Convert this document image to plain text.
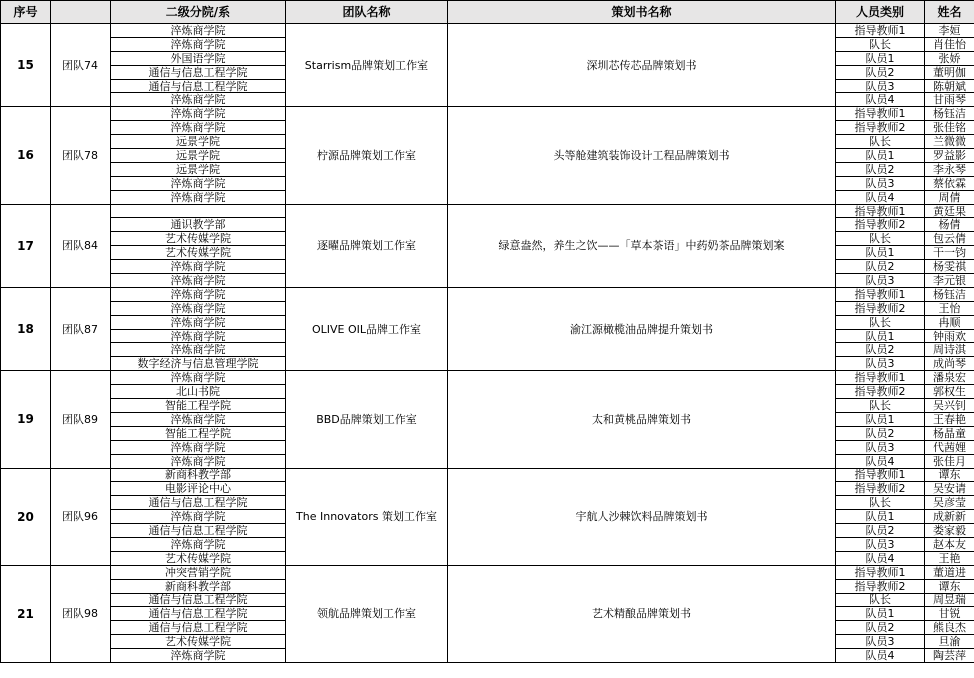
序号		二级分院/系	团队名称	策划书名称	人员类别	姓名
15	团队74	淬炼商学院	Starrism品牌策划工作室	深圳芯传芯品牌策划书	指导教师1	李姮
		淬炼商学院			队长	肖佳怡
		外国语学院			队员1	张娇
		通信与信息工程学院			队员2	董明伽
		通信与信息工程学院			队员3	陈朝斌
		淬炼商学院			队员4	甘雨琴
16	团队78	淬炼商学院	柠源品牌策划工作室	头等舱建筑装饰设计工程品牌策划书	指导教师1	杨钰洁
		淬炼商学院			指导教师2	张佳铭
		远景学院			队长	兰微微
		远景学院			队员1	罗益影
		远景学院			队员2	李永琴
		淬炼商学院			队员3	蔡依霖
		淬炼商学院			队员4	周倩
17	团队84		逐曜品牌策划工作室	绿意盎然，养生之饮——「草本茶语」中药奶茶品牌策划案	指导教师1	黄廷果
		通识教学部			指导教师2	杨倩
		艺术传媒学院			队长	包云倩
		艺术传媒学院			队员1	干一钧
		淬炼商学院			队员2	杨雯祺
		淬炼商学院			队员3	李元银
18	团队87	淬炼商学院	OLIVE OIL品牌工作室	渝江源橄榄油品牌提升策划书	指导教师1	杨钰洁
		淬炼商学院			指导教师2	王怡
		淬炼商学院			队长	冉顺
		淬炼商学院			队员1	钟雨欢
		淬炼商学院			队员2	周诗淇
		数字经济与信息管理学院			队员3	成尚琴
19	团队89	淬炼商学院	BBD品牌策划工作室	太和黄桃品牌策划书	指导教师1	潘泉宏
		北山书院			指导教师2	郭权生
		智能工程学院			队长	吴兴钊
		淬炼商学院			队员1	王春艳
		智能工程学院			队员2	杨晶童
		淬炼商学院			队员3	代茜娌
		淬炼商学院			队员4	张佳月
20	团队96	新商科教学部	The Innovators 策划工作室	宇航人沙棘饮料品牌策划书	指导教师1	谭东
		电影评论中心			指导教师2	吴安请
		通信与信息工程学院			队长	吴彦莹
		淬炼商学院			队员1	成新新
		通信与信息工程学院			队员2	娄家毅
		淬炼商学院			队员3	赵本友
		艺术传媒学院			队员4	王艳
21	团队98	冲突营销学院	领航品牌策划工作室	艺术精酿品牌策划书	指导教师1	董道进
		新商科教学部			指导教师2	谭东
		通信与信息工程学院			队长	周昱瑞
		通信与信息工程学院			队员1	甘锐
		通信与信息工程学院			队员2	熊良杰
		艺术传媒学院			队员3	旦渝
		淬炼商学院			队员4	陶芸萍
